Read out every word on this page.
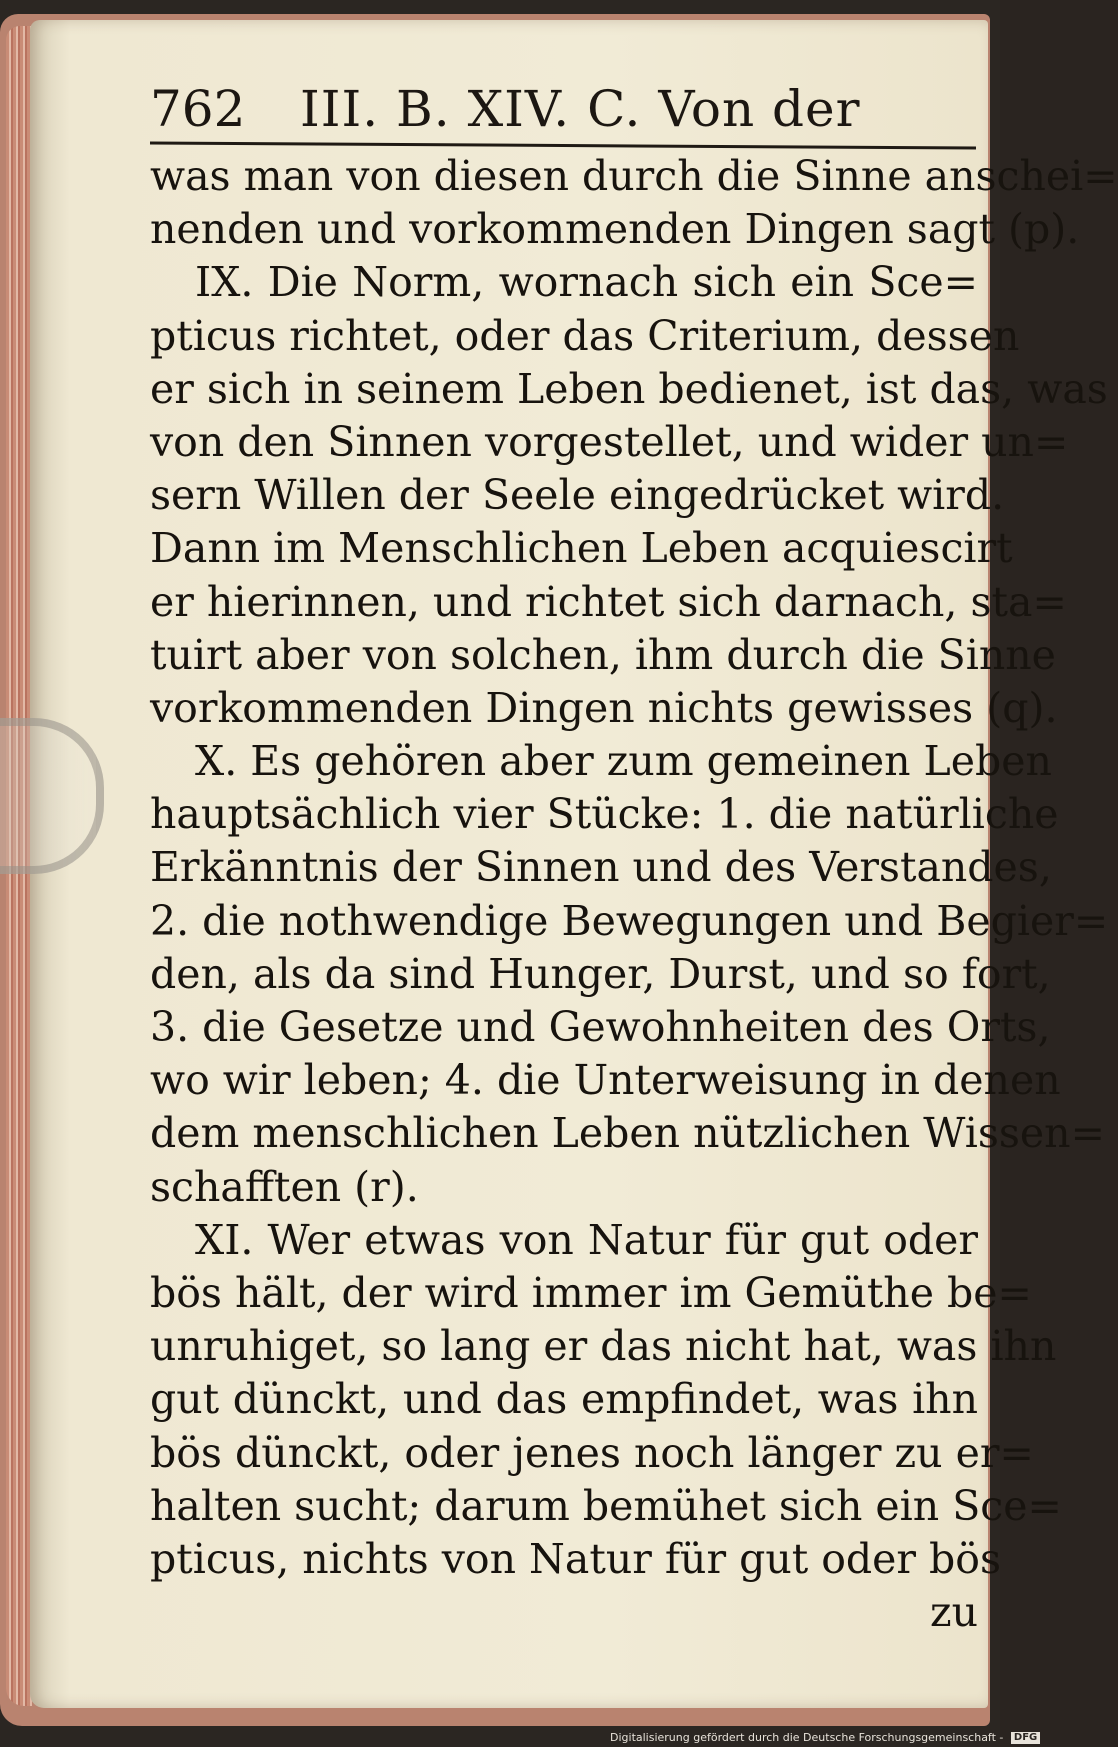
762 III. B. XIV. C. Von der
was man von diesen durch die Sinne anschei=
nenden und vorkommenden Dingen sagt (p).
IX. Die Norm, wornach sich ein Sce=
pticus richtet, oder das Criterium, dessen
er sich in seinem Leben bedienet, ist das, was
von den Sinnen vorgestellet, und wider un=
sern Willen der Seele eingedrücket wird.
Dann im Menschlichen Leben acquiescirt
er hierinnen, und richtet sich darnach, sta=
tuirt aber von solchen, ihm durch die Sinne
vorkommenden Dingen nichts gewisses (q).
X. Es gehören aber zum gemeinen Leben
hauptsächlich vier Stücke: 1. die natürliche
Erkänntnis der Sinnen und des Verstandes,
2. die nothwendige Bewegungen und Begier=
den, als da sind Hunger, Durst, und so fort,
3. die Gesetze und Gewohnheiten des Orts,
wo wir leben; 4. die Unterweisung in denen
dem menschlichen Leben nützlichen Wissen=
schafften (r).
XI. Wer etwas von Natur für gut oder
bös hält, der wird immer im Gemüthe be=
unruhiget, so lang er das nicht hat, was ihn
gut dünckt, und das empfindet, was ihn
bös dünckt, oder jenes noch länger zu er=
halten sucht; darum bemühet sich ein Sce=
pticus, nichts von Natur für gut oder bös
zu
Digitalisierung gefördert durch die Deutsche Forschungsgemeinschaft - DFG
